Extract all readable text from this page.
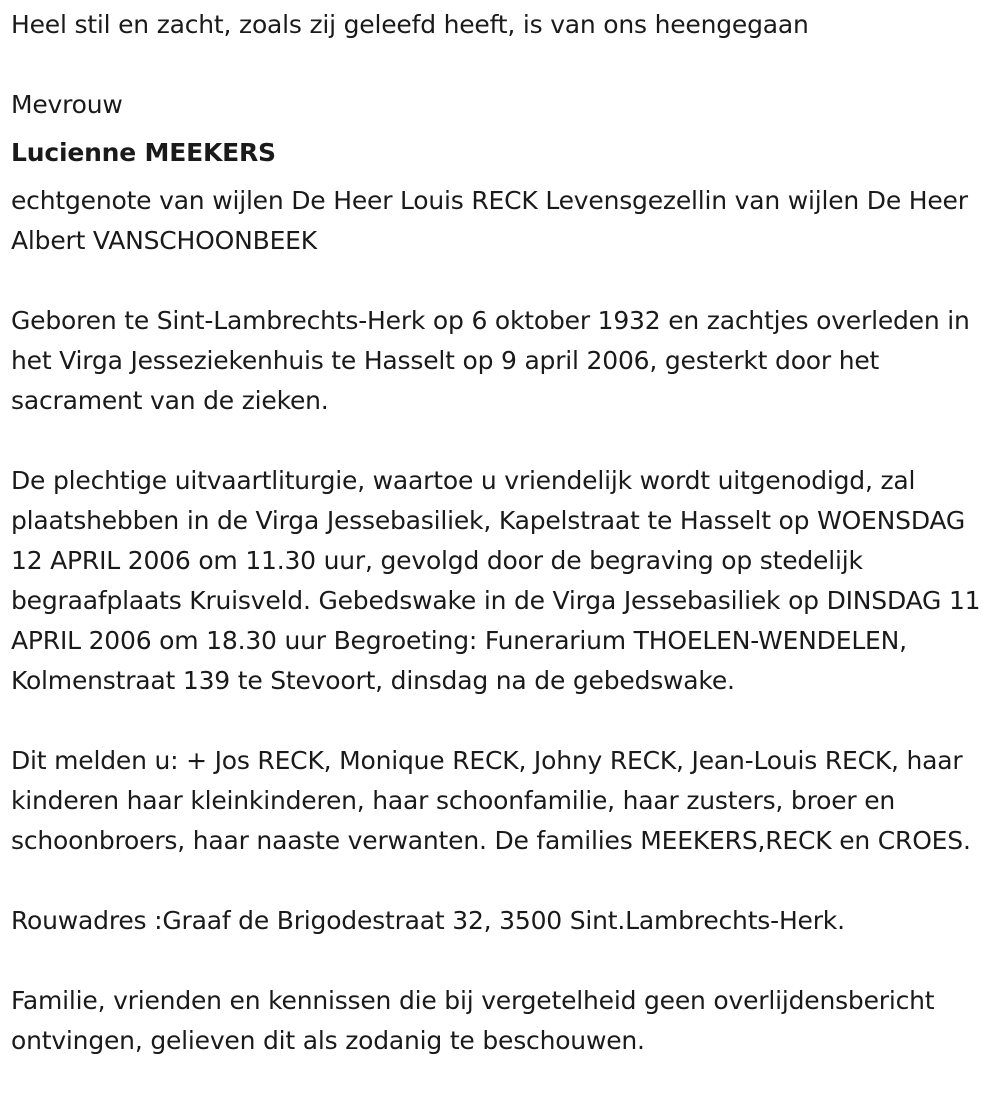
Heel stil en zacht, zoals zij geleefd heeft, is van ons heengegaan

Mevrouw

Lucienne MEEKERS

echtgenote van wijlen De Heer Louis RECK Levensgezellin van wijlen De Heer Albert VANSCHOONBEEK

Geboren te Sint-Lambrechts-Herk op 6 oktober 1932 en zachtjes overleden in het Virga Jesseziekenhuis te Hasselt op 9 april 2006, gesterkt door het sacrament van de zieken.

De plechtige uitvaartliturgie, waartoe u vriendelijk wordt uitgenodigd, zal plaatshebben in de Virga Jessebasiliek, Kapelstraat te Hasselt op WOENSDAG 12 APRIL 2006 om 11.30 uur, gevolgd door de begraving op stedelijk begraafplaats Kruisveld. Gebedswake in de Virga Jessebasiliek op DINSDAG 11 APRIL 2006 om 18.30 uur Begroeting: Funerarium THOELEN-WENDELEN, Kolmenstraat 139 te Stevoort, dinsdag na de gebedswake.

Dit melden u: + Jos RECK, Monique RECK, Johny RECK, Jean-Louis RECK, haar kinderen haar kleinkinderen, haar schoonfamilie, haar zusters, broer en schoonbroers, haar naaste verwanten. De families MEEKERS,RECK en CROES.

Rouwadres :Graaf de Brigodestraat 32, 3500 Sint.Lambrechts-Herk.

Familie, vrienden en kennissen die bij vergetelheid geen overlijdensbericht ontvingen, gelieven dit als zodanig te beschouwen.
